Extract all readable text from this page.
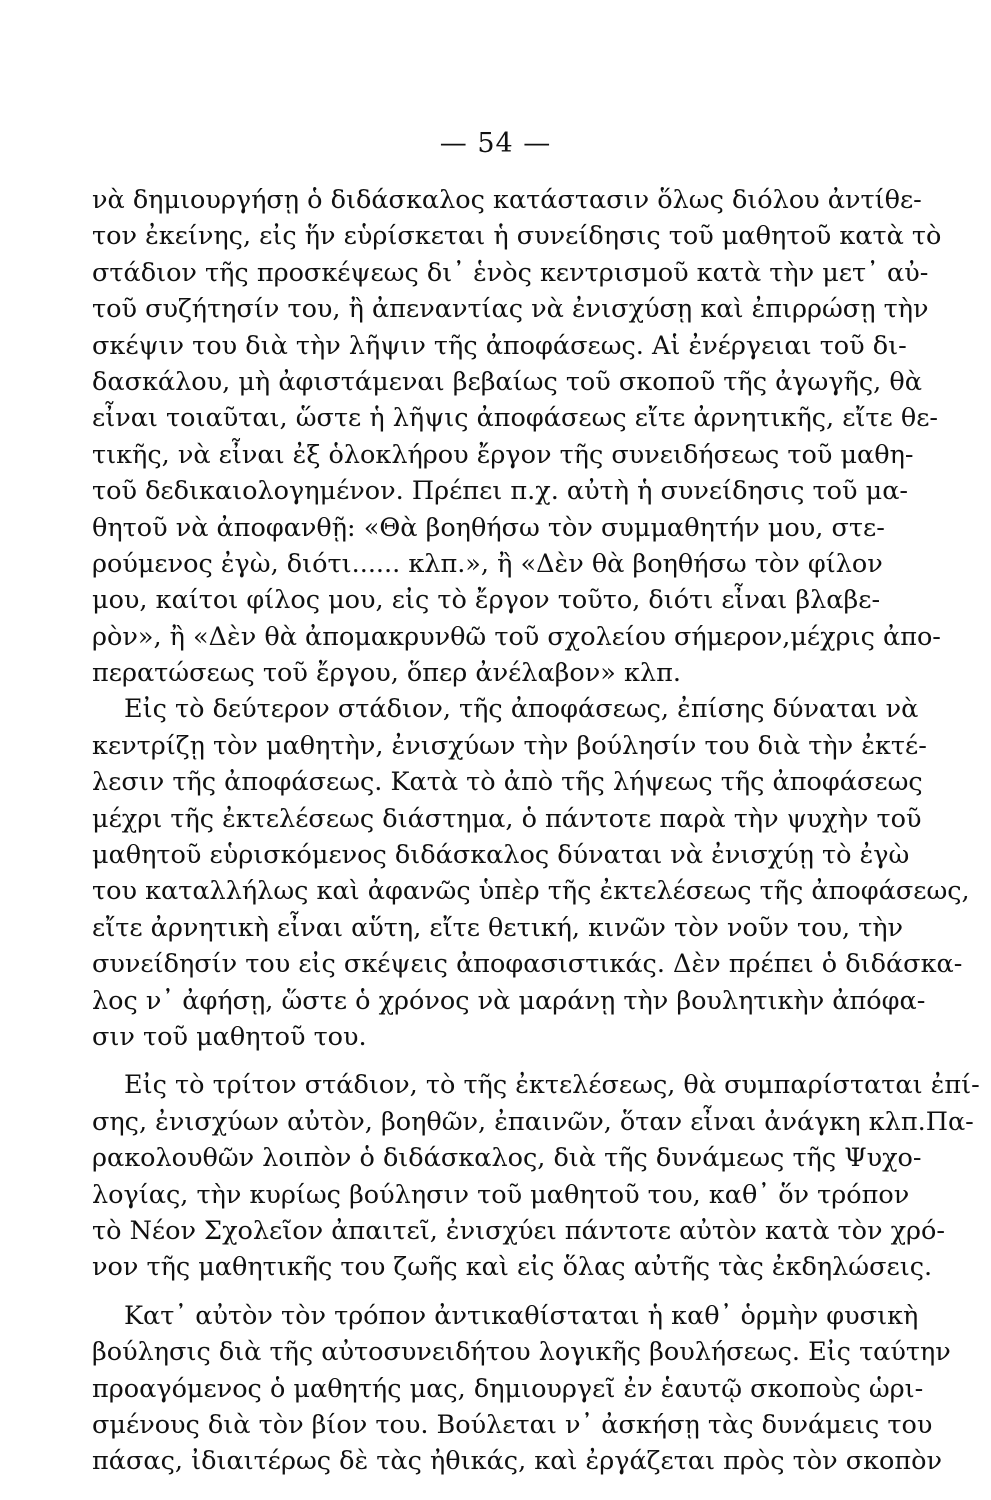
— 54 —
νὰ δημιουργήσῃ ὁ διδάσκαλος κατάστασιν ὅλως διόλου ἀντίθε-
τον ἐκείνης, εἰς ἥν εὑρίσκεται ἡ συνείδησις τοῦ μαθητοῦ κατὰ τὸ
στάδιον τῆς προσκέψεως δι᾽ ἑνὸς κεντρισμοῦ κατὰ τὴν μετ᾽ αὐ-
τοῦ συζήτησίν του, ἢ ἀπεναντίας νὰ ἐνισχύσῃ καὶ ἐπιρρώσῃ τὴν
σκέψιν του διὰ τὴν λῆψιν τῆς ἀποφάσεως. Αἱ ἐνέργειαι τοῦ δι-
δασκάλου, μὴ ἀφιστάμεναι βεβαίως τοῦ σκοποῦ τῆς ἀγωγῆς, θὰ
εἶναι τοιαῦται, ὥστε ἡ λῆψις ἀποφάσεως εἴτε ἀρνητικῆς, εἴτε θε-
τικῆς, νὰ εἶναι ἐξ ὁλοκλήρου ἔργον τῆς συνειδήσεως τοῦ μαθη-
τοῦ δεδικαιολογημένον. Πρέπει π.χ. αὐτὴ ἡ συνείδησις τοῦ μα-
θητοῦ νὰ ἀποφανθῇ: «Θὰ βοηθήσω τὸν συμμαθητήν μου, στε-
ρούμενος ἐγὼ, διότι...... κλπ.», ἢ «Δὲν θὰ βοηθήσω τὸν φίλον
μου, καίτοι φίλος μου, εἰς τὸ ἔργον τοῦτο, διότι εἶναι βλαβε-
ρὸν», ἢ «Δὲν θὰ ἀπομακρυνθῶ τοῦ σχολείου σήμερον,μέχρις ἀπο-
περατώσεως τοῦ ἔργου, ὅπερ ἀνέλαβον» κλπ.
Εἰς τὸ δεύτερον στάδιον, τῆς ἀποφάσεως, ἐπίσης δύναται νὰ
κεντρίζῃ τὸν μαθητὴν, ἐνισχύων τὴν βούλησίν του διὰ τὴν ἐκτέ-
λεσιν τῆς ἀποφάσεως. Κατὰ τὸ ἀπὸ τῆς λήψεως τῆς ἀποφάσεως
μέχρι τῆς ἐκτελέσεως διάστημα, ὁ πάντοτε παρὰ τὴν ψυχὴν τοῦ
μαθητοῦ εὑρισκόμενος διδάσκαλος δύναται νὰ ἐνισχύῃ τὸ ἐγὼ
του καταλλήλως καὶ ἀφανῶς ὑπὲρ τῆς ἐκτελέσεως τῆς ἀποφάσεως,
εἴτε ἀρνητικὴ εἶναι αὕτη, εἴτε θετική, κινῶν τὸν νοῦν του, τὴν
συνείδησίν του εἰς σκέψεις ἀποφασιστικάς. Δὲν πρέπει ὁ διδάσκα-
λος ν᾽ ἀφήσῃ, ὥστε ὁ χρόνος νὰ μαράνῃ τὴν βουλητικὴν ἀπόφα-
σιν τοῦ μαθητοῦ του.
Εἰς τὸ τρίτον στάδιον, τὸ τῆς ἐκτελέσεως, θὰ συμπαρίσταται ἐπί-
σης, ἐνισχύων αὐτὸν, βοηθῶν, ἐπαινῶν, ὅταν εἶναι ἀνάγκη κλπ.Πα-
ρακολουθῶν λοιπὸν ὁ διδάσκαλος, διὰ τῆς δυνάμεως τῆς Ψυχο-
λογίας, τὴν κυρίως βούλησιν τοῦ μαθητοῦ του, καθ᾽ ὅν τρόπον
τὸ Νέον Σχολεῖον ἀπαιτεῖ, ἐνισχύει πάντοτε αὐτὸν κατὰ τὸν χρό-
νον τῆς μαθητικῆς του ζωῆς καὶ εἰς ὅλας αὐτῆς τὰς ἐκδηλώσεις.
Κατ᾽ αὐτὸν τὸν τρόπον ἀντικαθίσταται ἡ καθ᾽ ὁρμὴν φυσικὴ
βούλησις διὰ τῆς αὐτοσυνειδήτου λογικῆς βουλήσεως. Εἰς ταύτην
προαγόμενος ὁ μαθητής μας, δημιουργεῖ ἐν ἑαυτῷ σκοποὺς ὡρι-
σμένους διὰ τὸν βίον του. Βούλεται ν᾽ ἀσκήσῃ τὰς δυνάμεις του
πάσας, ἰδιαιτέρως δὲ τὰς ἠθικάς, καὶ ἐργάζεται πρὸς τὸν σκοπὸν
